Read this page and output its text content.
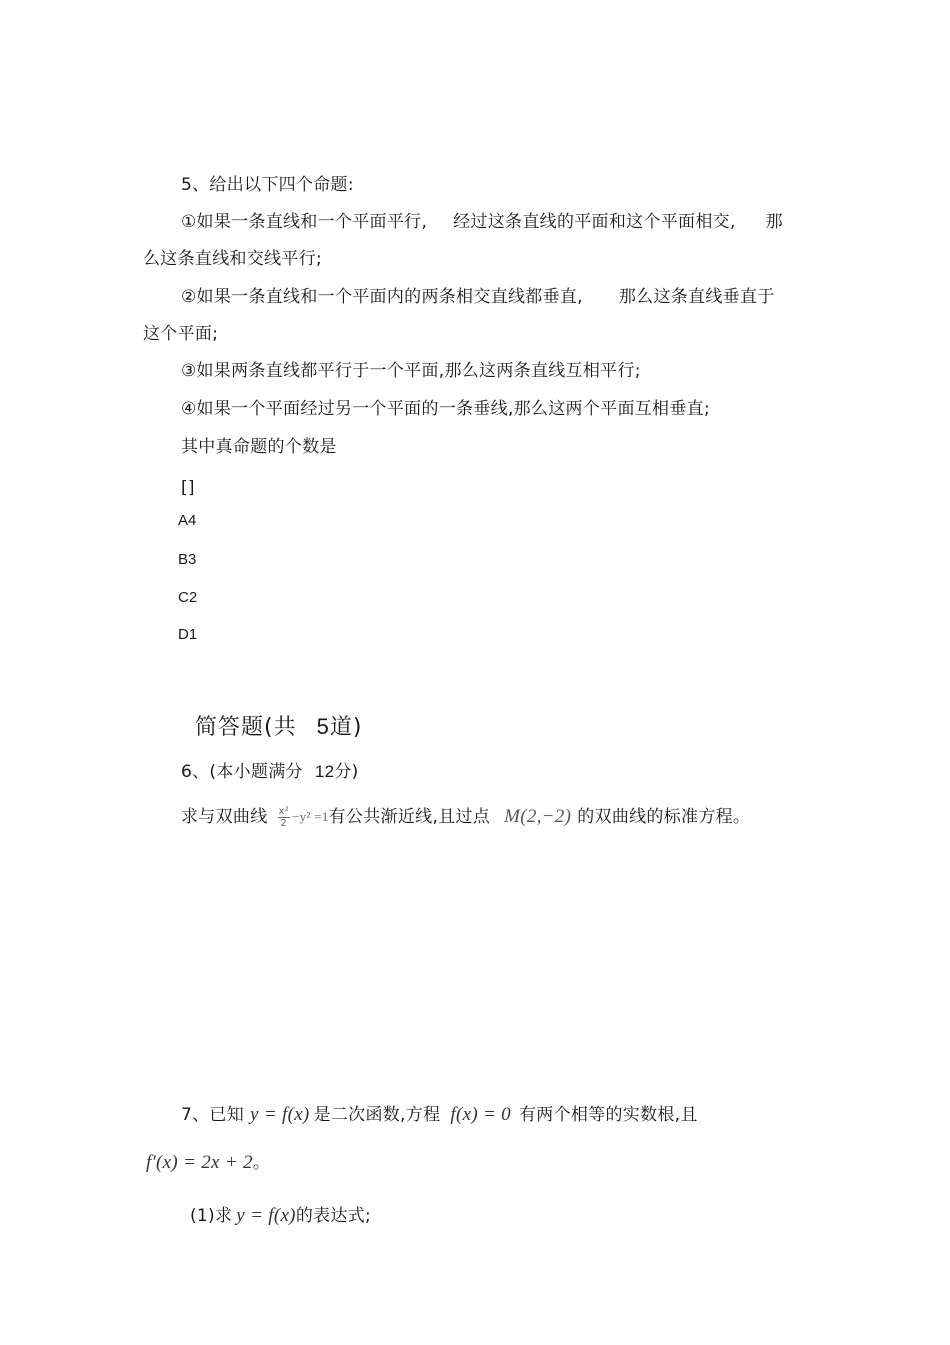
5、给出以下四个命题:
①如果一条直线和一个平面平行, 经过这条直线的平面和这个平面相交, 那
么这条直线和交线平行;
②如果一条直线和一个平面内的两条相交直线都垂直, 那么这条直线垂直于
这个平面;
③如果两条直线都平行于一个平面,那么这两条直线互相平行;
④如果一个平面经过另一个平面的一条垂线,那么这两个平面互相垂直;
其中真命题的个数是
[]
A4
B3
C2
D1
简答题(共 5道)
6、(本小题满分 12分)
求与双曲线 $\frac{\text{x²}}{2} -y^2 =1$有公共渐近线,且过点 M(2,−2) 的双曲线的标准方程。
7、已知 y = f(x) 是二次函数,方程 f(x) = 0 有两个相等的实数根,且
f′(x) = 2x + 2。
(1)求 y = f(x)的表达式;
